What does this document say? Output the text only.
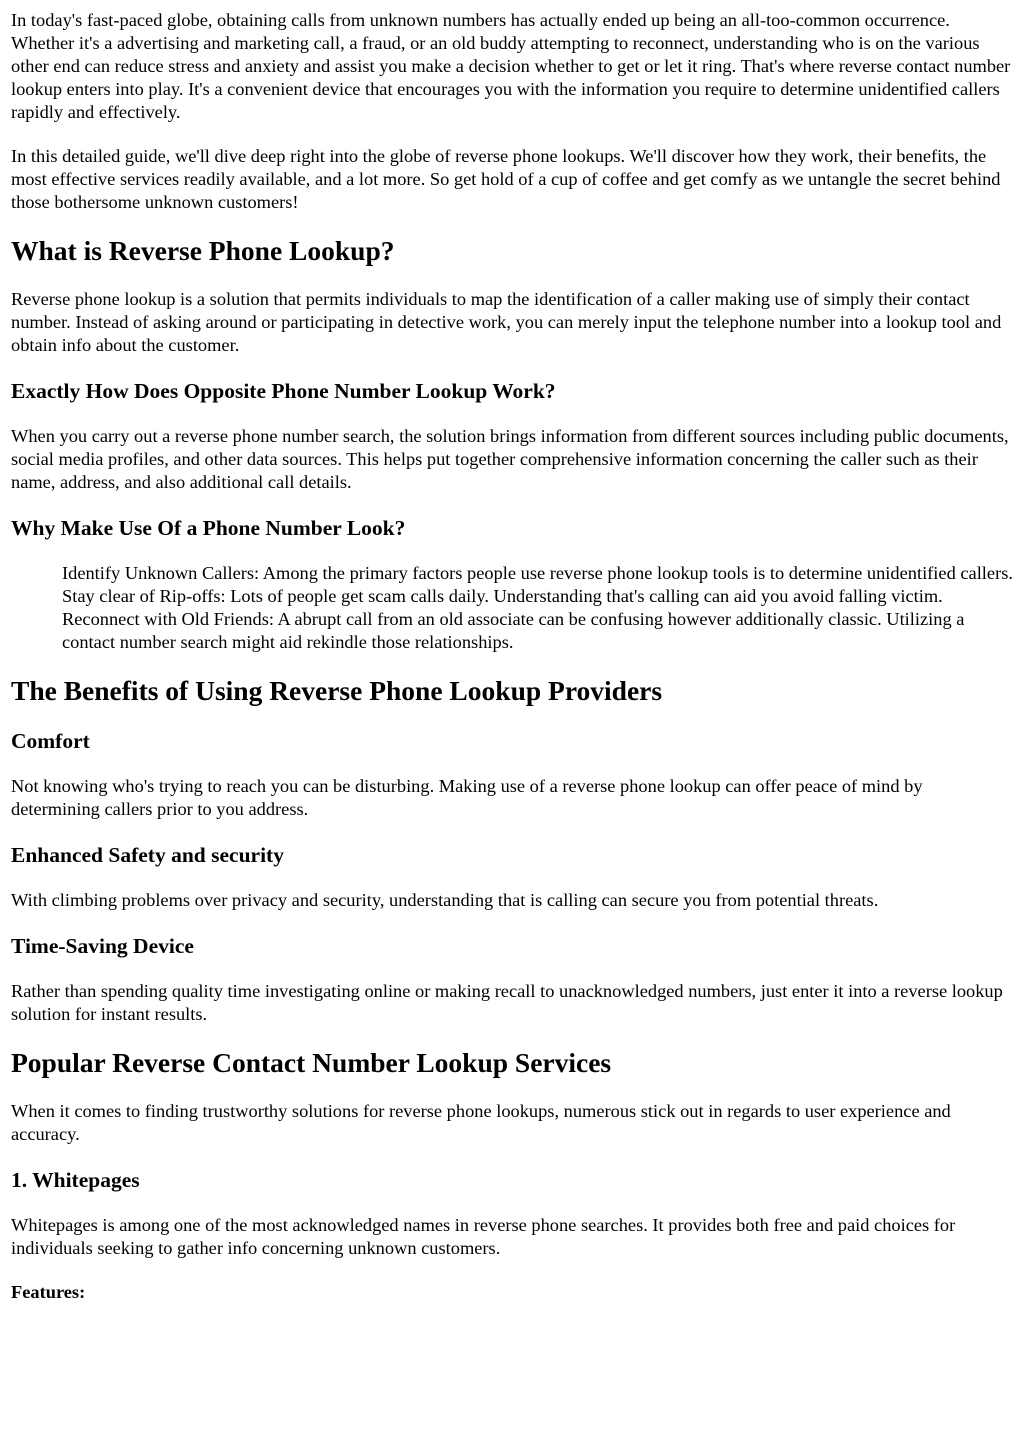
In today's fast-paced globe, obtaining calls from unknown numbers has actually ended up being an all-too-common occurrence. Whether it's a advertising and marketing call, a fraud, or an old buddy attempting to reconnect, understanding who is on the various other end can reduce stress and anxiety and assist you make a decision whether to get or let it ring. That's where reverse contact number lookup enters into play. It's a convenient device that encourages you with the information you require to determine unidentified callers rapidly and effectively.

In this detailed guide, we'll dive deep right into the globe of reverse phone lookups. We'll discover how they work, their benefits, the most effective services readily available, and a lot more. So get hold of a cup of coffee and get comfy as we untangle the secret behind those bothersome unknown customers!

What is Reverse Phone Lookup?

Reverse phone lookup is a solution that permits individuals to map the identification of a caller making use of simply their contact number. Instead of asking around or participating in detective work, you can merely input the telephone number into a lookup tool and obtain info about the customer.

Exactly How Does Opposite Phone Number Lookup Work?

When you carry out a reverse phone number search, the solution brings information from different sources including public documents, social media profiles, and other data sources. This helps put together comprehensive information concerning the caller such as their name, address, and also additional call details.

Why Make Use Of a Phone Number Look?
Identify Unknown Callers: Among the primary factors people use reverse phone lookup tools is to determine unidentified callers. Stay clear of Rip-offs: Lots of people get scam calls daily. Understanding that's calling can aid you avoid falling victim. Reconnect with Old Friends: A abrupt call from an old associate can be confusing however additionally classic. Utilizing a contact number search might aid rekindle those relationships.
The Benefits of Using Reverse Phone Lookup Providers
Comfort

Not knowing who's trying to reach you can be disturbing. Making use of a reverse phone lookup can offer peace of mind by determining callers prior to you address.

Enhanced Safety and security

With climbing problems over privacy and security, understanding that is calling can secure you from potential threats.

Time-Saving Device

Rather than spending quality time investigating online or making recall to unacknowledged numbers, just enter it into a reverse lookup solution for instant results.

Popular Reverse Contact Number Lookup Services

When it comes to finding trustworthy solutions for reverse phone lookups, numerous stick out in regards to user experience and accuracy.

1. Whitepages

Whitepages is among one of the most acknowledged names in reverse phone searches. It provides both free and paid choices for individuals seeking to gather info concerning unknown customers.

Features:
